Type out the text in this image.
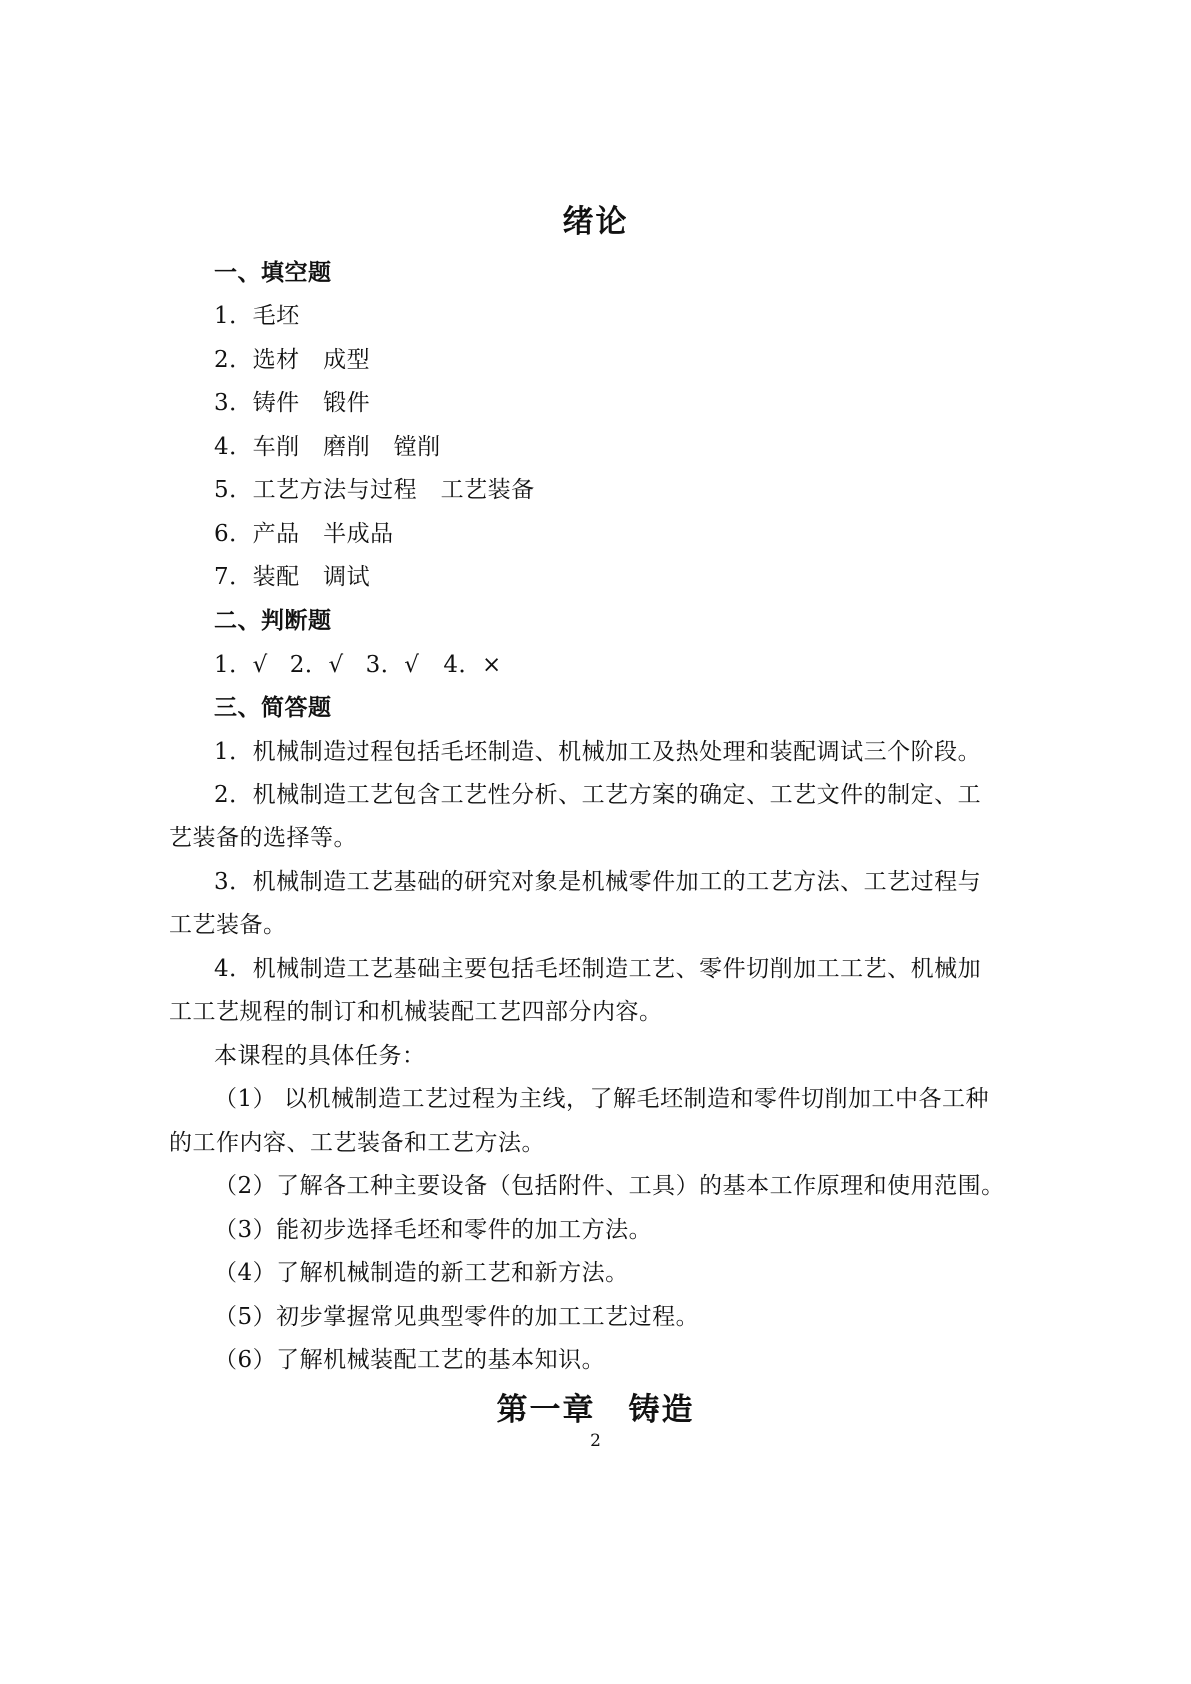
绪论
一、填空题
1．毛坯
2．选材　成型
3．铸件　锻件
4．车削　磨削　镗削
5．工艺方法与过程　工艺装备
6．产品　半成品
7．装配　调试
二、判断题
1．√ 2．√ 3．√ 4．×
三、简答题
1．机械制造过程包括毛坯制造、机械加工及热处理和装配调试三个阶段。
2．机械制造工艺包含工艺性分析、工艺方案的确定、工艺文件的制定、工
艺装备的选择等。
3．机械制造工艺基础的研究对象是机械零件加工的工艺方法、工艺过程与
工艺装备。
4．机械制造工艺基础主要包括毛坯制造工艺、零件切削加工工艺、机械加
工工艺规程的制订和机械装配工艺四部分内容。
本课程的具体任务：
（1） 以机械制造工艺过程为主线，了解毛坯制造和零件切削加工中各工种
的工作内容、工艺装备和工艺方法。
（2）了解各工种主要设备（包括附件、工具）的基本工作原理和使用范围。
（3）能初步选择毛坯和零件的加工方法。
（4）了解机械制造的新工艺和新方法。
（5）初步掌握常见典型零件的加工工艺过程。
（6）了解机械装配工艺的基本知识。
第一章　铸造
2
